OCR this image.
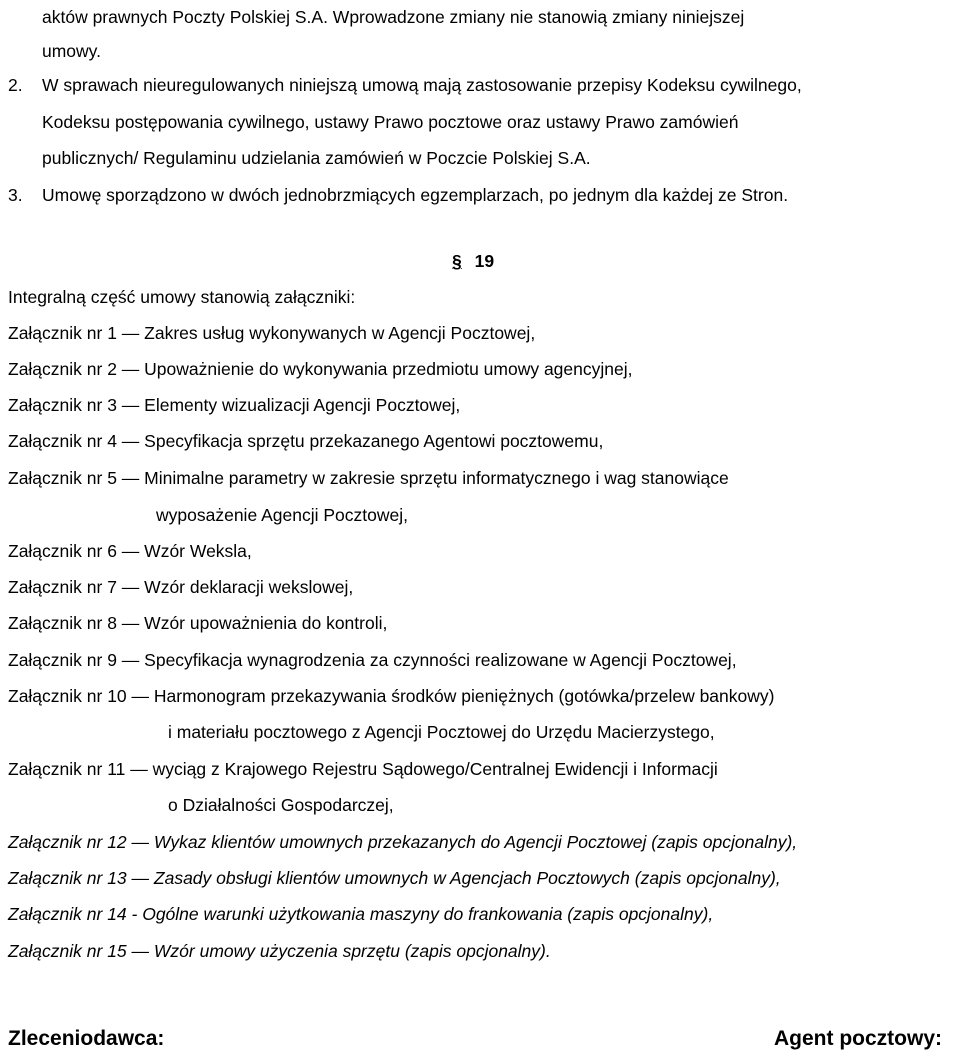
aktów prawnych Poczty Polskiej S.A. Wprowadzone zmiany nie stanowią zmiany niniejszej
umowy.
2. W sprawach nieuregulowanych niniejszą umową mają zastosowanie przepisy Kodeksu cywilnego,
Kodeksu postępowania cywilnego, ustawy Prawo pocztowe oraz ustawy Prawo zamówień
publicznych/ Regulaminu udzielania zamówień w Poczcie Polskiej S.A.
3. Umowę sporządzono w dwóch jednobrzmiących egzemplarzach, po jednym dla każdej ze Stron.
§ 19
Integralną część umowy stanowią załączniki:
Załącznik nr 1 — Zakres usług wykonywanych w Agencji Pocztowej,
Załącznik nr 2 — Upoważnienie do wykonywania przedmiotu umowy agencyjnej,
Załącznik nr 3 — Elementy wizualizacji Agencji Pocztowej,
Załącznik nr 4 — Specyfikacja sprzętu przekazanego Agentowi pocztowemu,
Załącznik nr 5 — Minimalne parametry w zakresie sprzętu informatycznego i wag stanowiące
wyposażenie Agencji Pocztowej,
Załącznik nr 6 — Wzór Weksla,
Załącznik nr 7 — Wzór deklaracji wekslowej,
Załącznik nr 8 — Wzór upoważnienia do kontroli,
Załącznik nr 9 — Specyfikacja wynagrodzenia za czynności realizowane w Agencji Pocztowej,
Załącznik nr 10 — Harmonogram przekazywania środków pieniężnych (gotówka/przelew bankowy)
i materiału pocztowego z Agencji Pocztowej do Urzędu Macierzystego,
Załącznik nr 11 — wyciąg z Krajowego Rejestru Sądowego/Centralnej Ewidencji i Informacji
o Działalności Gospodarczej,
Załącznik nr 12 — Wykaz klientów umownych przekazanych do Agencji Pocztowej (zapis opcjonalny),
Załącznik nr 13 — Zasady obsługi klientów umownych w Agencjach Pocztowych (zapis opcjonalny),
Załącznik nr 14 - Ogólne warunki użytkowania maszyny do frankowania (zapis opcjonalny),
Załącznik nr 15 — Wzór umowy użyczenia sprzętu (zapis opcjonalny).
Zleceniodawca:	Agent pocztowy:
